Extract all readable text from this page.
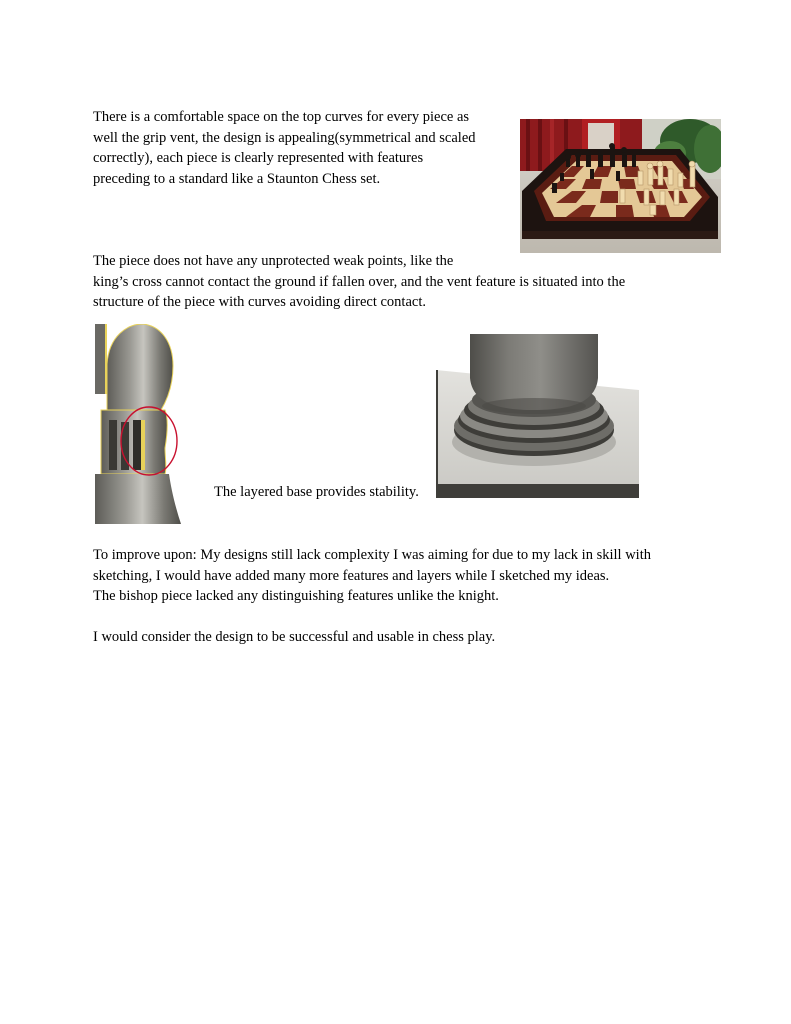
There is a comfortable space on the top curves for every piece as
well the grip vent, the design is appealing(symmetrical and scaled
correctly), each piece is clearly represented with features
preceding to a standard like a Staunton Chess set.
The piece does not have any unprotected weak points, like the
king’s cross cannot contact the ground if fallen over, and the vent feature is situated into the
structure of the piece with curves avoiding direct contact.
The layered base provides stability.
To improve upon: My designs still lack complexity I was aiming for due to my lack in skill with
sketching, I would have added many more features and layers while I sketched my ideas.
The bishop piece lacked any distinguishing features unlike the knight.
I would consider the design to be successful and usable in chess play.
